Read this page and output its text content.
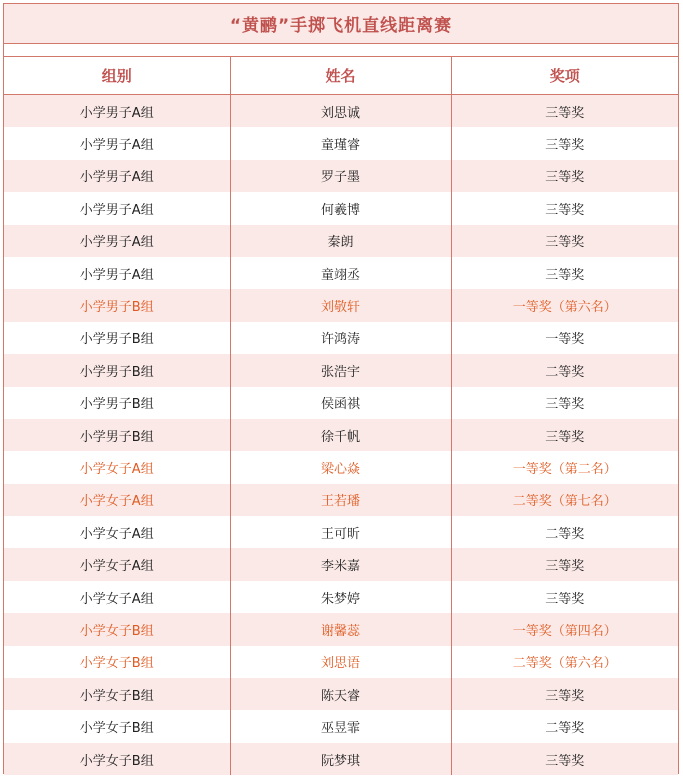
“黄鹂”手掷飞机直线距离赛
组别	姓名	奖项
小学男子A组	刘思诚	三等奖
小学男子A组	童瑾睿	三等奖
小学男子A组	罗子墨	三等奖
小学男子A组	何羲博	三等奖
小学男子A组	秦朗	三等奖
小学男子A组	童翊丞	三等奖
小学男子B组	刘敬轩	一等奖（第六名）
小学男子B组	许鸿涛	一等奖
小学男子B组	张浩宇	二等奖
小学男子B组	侯函祺	三等奖
小学男子B组	徐千帆	三等奖
小学女子A组	梁心焱	一等奖（第二名）
小学女子A组	王若璠	二等奖（第七名）
小学女子A组	王可昕	二等奖
小学女子A组	李米嘉	三等奖
小学女子A组	朱梦婷	三等奖
小学女子B组	谢馨蕊	一等奖（第四名）
小学女子B组	刘思语	二等奖（第六名）
小学女子B组	陈天睿	三等奖
小学女子B组	巫昱霏	二等奖
小学女子B组	阮梦琪	三等奖
